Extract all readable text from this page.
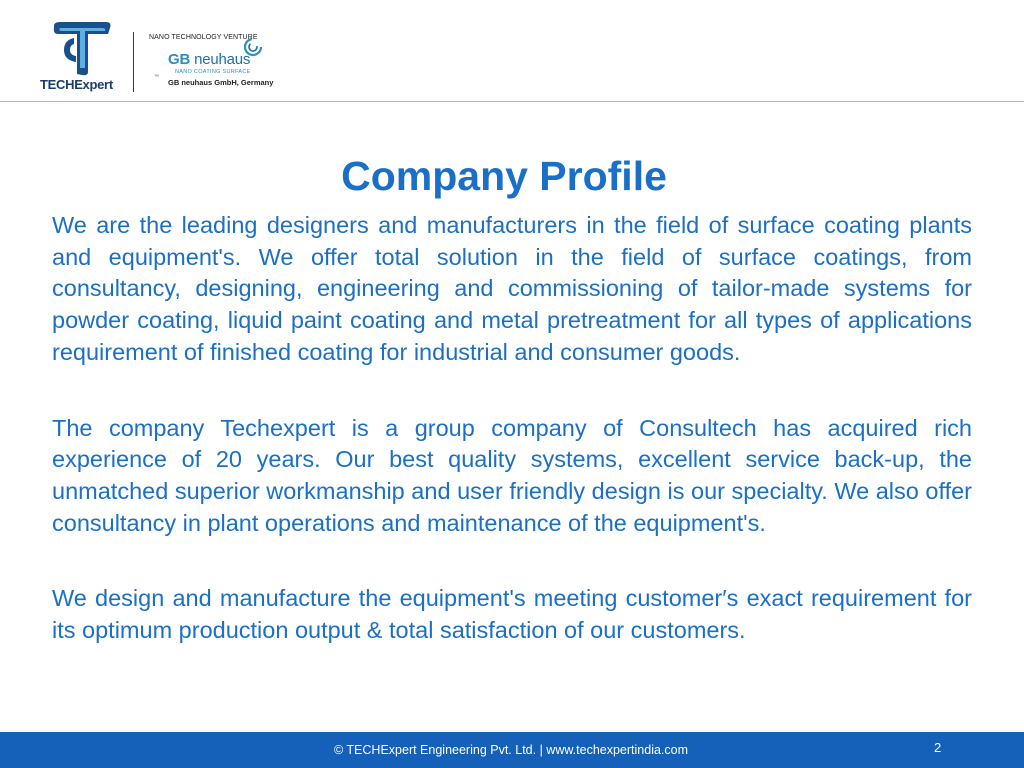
TECHExpert	™
NANO TECHNOLOGY VENTURE
GB neuhaus
NANO COATING SURFACE
GB neuhaus GmbH, Germany
Company Profile

We are the leading designers and manufacturers in the field of surface coating plants and equipment's. We offer total solution in the field of surface coatings, from consultancy, designing, engineering and commissioning of tailor-made systems for powder coating, liquid paint coating and metal pretreatment for all types of applications requirement of finished coating for industrial and consumer goods.

The company Techexpert is a group company of Consultech has acquired rich experience of 20 years. Our best quality systems, excellent service back-up, the unmatched superior workmanship and user friendly design is our specialty. We also offer consultancy in plant operations and maintenance of the equipment's.

We design and manufacture the equipment's meeting customer′s exact requirement for its optimum production output & total satisfaction of our customers.

© TECHExpert Engineering Pvt. Ltd. | www.techexpertindia.com	2
